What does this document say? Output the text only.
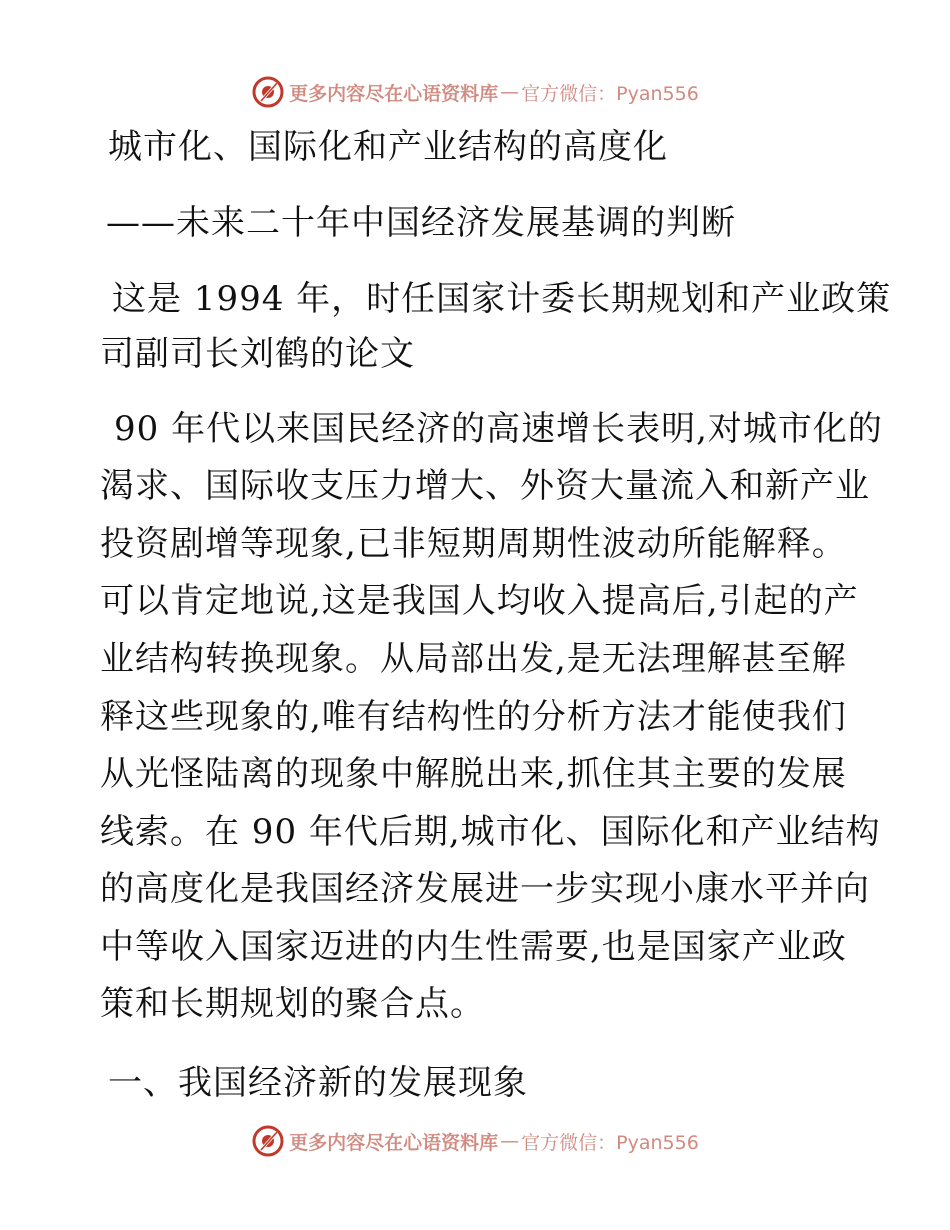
更多内容尽在心语资料库 — 官方微信：Pyan556
城市化、国际化和产业结构的高度化
——未来二十年中国经济发展基调的判断
这是 1994 年，时任国家计委长期规划和产业政策
司副司长刘鹤的论文
90 年代以来国民经济的高速增长表明,对城市化的
渴求、国际收支压力增大、外资大量流入和新产业
投资剧增等现象,已非短期周期性波动所能解释。
可以肯定地说,这是我国人均收入提高后,引起的产
业结构转换现象。从局部出发,是无法理解甚至解
释这些现象的,唯有结构性的分析方法才能使我们
从光怪陆离的现象中解脱出来,抓住其主要的发展
线索。在 90 年代后期,城市化、国际化和产业结构
的高度化是我国经济发展进一步实现小康水平并向
中等收入国家迈进的内生性需要,也是国家产业政
策和长期规划的聚合点。
一、我国经济新的发展现象
更多内容尽在心语资料库 — 官方微信：Pyan556
